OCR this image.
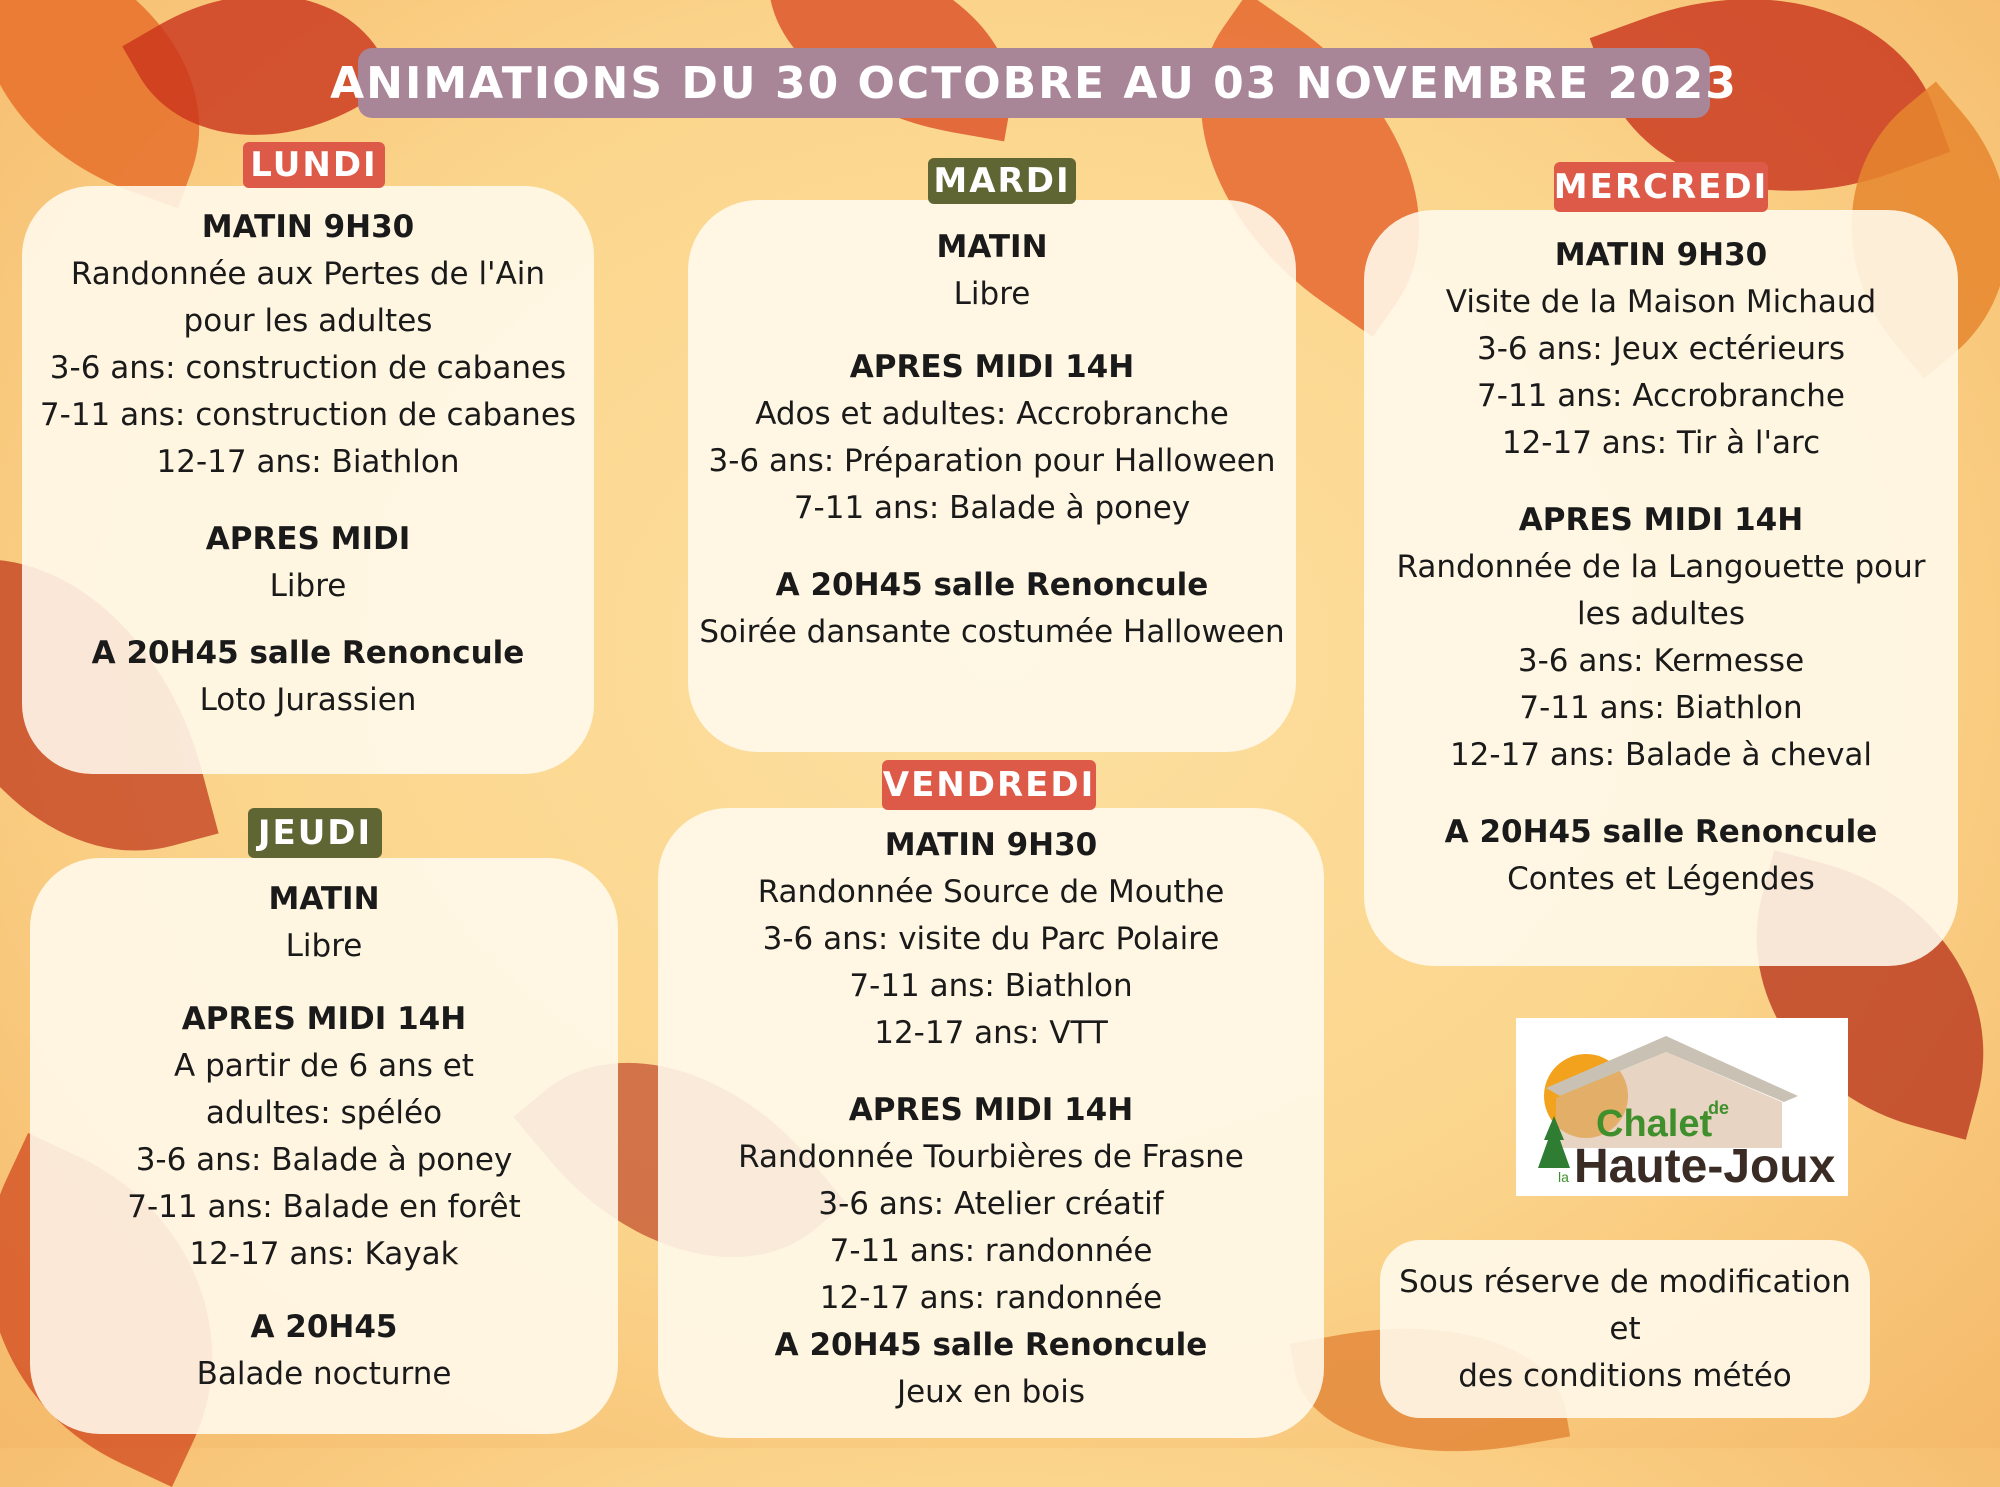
ANIMATIONS DU 30 OCTOBRE AU 03 NOVEMBRE 2023
LUNDI

MATIN 9H30

Randonnée aux Pertes de l'Ain

pour les adultes

3-6 ans: construction de cabanes

7-11 ans: construction de cabanes

12-17 ans: Biathlon

APRES MIDI

Libre

A 20H45 salle Renoncule

Loto Jurassien

MARDI

MATIN

Libre

APRES MIDI 14H

Ados et adultes: Accrobranche

3-6 ans: Préparation pour Halloween

7-11 ans: Balade à poney

A 20H45 salle Renoncule

Soirée dansante costumée Halloween

MERCREDI

MATIN 9H30

Visite de la Maison Michaud

3-6 ans: Jeux ectérieurs

7-11 ans: Accrobranche

12-17 ans: Tir à l'arc

APRES MIDI 14H

Randonnée de la Langouette pour

les adultes

3-6 ans: Kermesse

7-11 ans: Biathlon

12-17 ans: Balade à cheval

A 20H45 salle Renoncule

Contes et Légendes

JEUDI

MATIN

Libre

APRES MIDI 14H

A partir de 6 ans et

adultes: spéléo

3-6 ans: Balade à poney

7-11 ans: Balade en forêt

12-17 ans: Kayak

A 20H45

Balade nocturne

VENDREDI

MATIN 9H30

Randonnée Source de Mouthe

3-6 ans: visite du Parc Polaire

7-11 ans: Biathlon

12-17 ans: VTT

APRES MIDI 14H

Randonnée Tourbières de Frasne

3-6 ans: Atelier créatif

7-11 ans: randonnée

12-17 ans: randonnée

A 20H45 salle Renoncule

Jeux en bois

Chalet
de
la Haute-Joux

Sous réserve de modification et

des conditions météo
